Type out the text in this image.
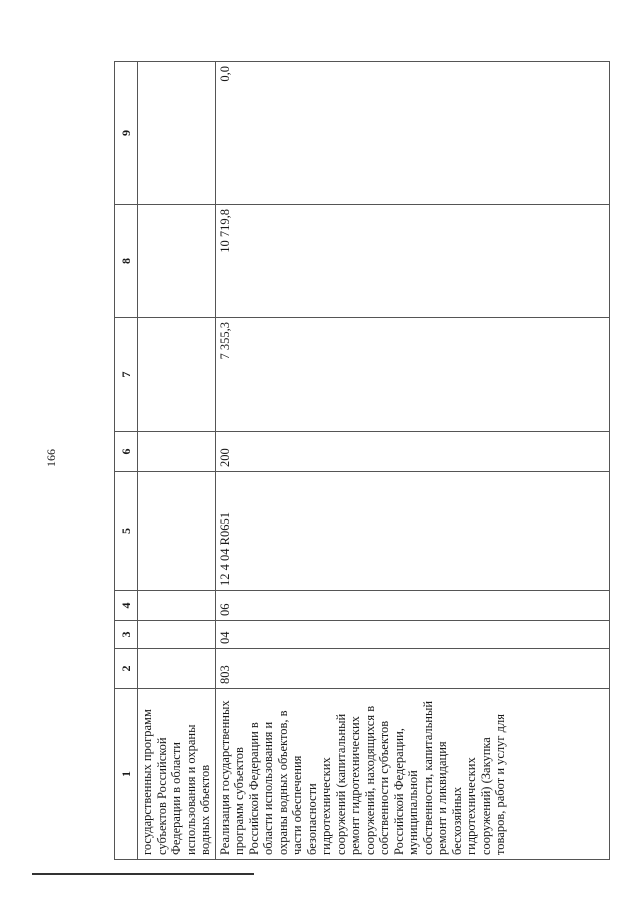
166
1	2	3	4	5	6	7	8	9
государственных программ субъектов Российской Федерации в области использования и охраны водных объектов								
Реализация государственных программ субъектов Российской Федерации в области использования и охраны водных объектов, в части обеспечения безопасности гидротехнических сооружений (капитальный ремонт гидротехнических сооружений, находящихся в собственности субъектов Российской Федерации, муниципальной собственности, капитальный ремонт и ликвидация бесхозяйных гидротехнических сооружений) (Закупка товаров, работ и услуг для	803	04	06	12 4 04 R0651	200	7 355,3	10 719,8	0,0
